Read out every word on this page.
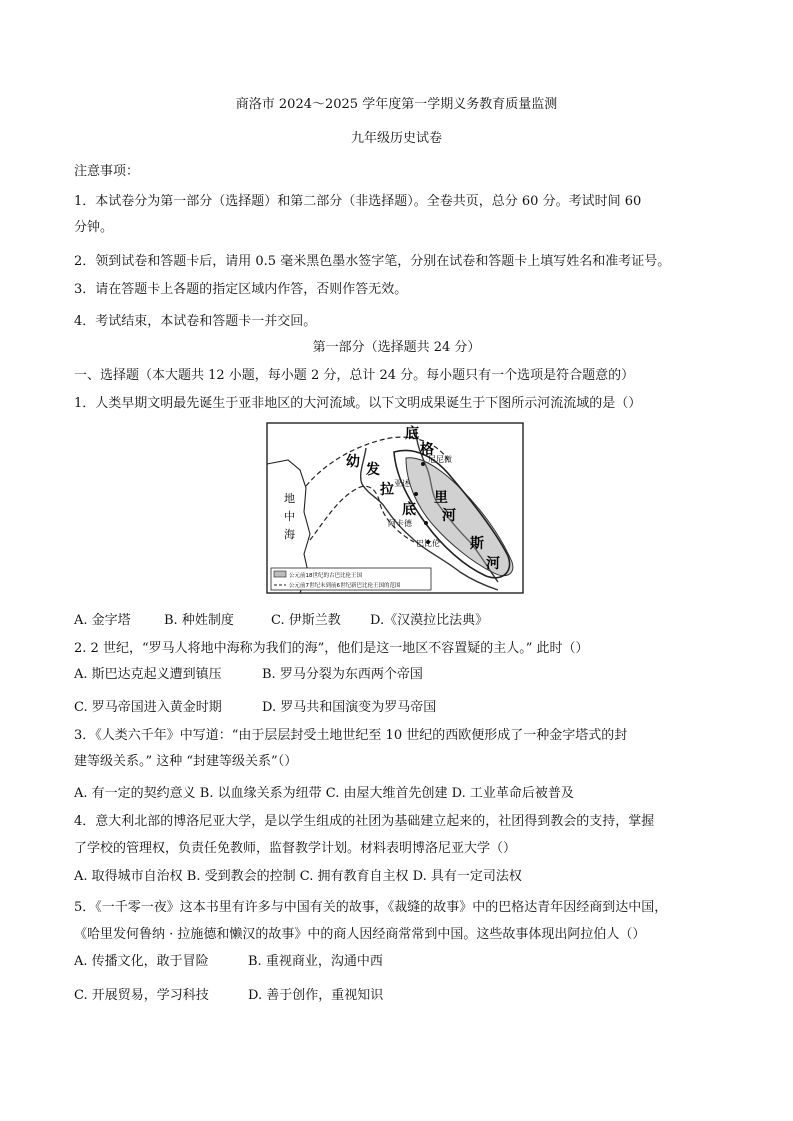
商洛市 2024～2025 学年度第一学期义务教育质量监测
九年级历史试卷
注意事项：
1．本试卷分为第一部分（选择题）和第二部分（非选择题）。全卷共页，总分 60 分。考试时间 60
分钟。
2．领到试卷和答题卡后，请用 0.5 毫米黑色墨水签字笔，分别在试卷和答题卡上填写姓名和准考证号。
3．请在答题卡上各题的指定区域内作答，否则作答无效。
4．考试结束，本试卷和答题卡一并交回。
第一部分（选择题共 24 分）
一、选择题（本大题共 12 小题，每小题 2 分，总计 24 分。每小题只有一个选项是符合题意的）
1．人类早期文明最先诞生于亚非地区的大河流域。以下文明成果诞生于下图所示河流流域的是（）
地
中
海
幼 发
拉
底
底
格
尼尼微
亚述
里
河
阿卡德
巴比伦 斯
河
公元前18世纪的古巴比伦王国
公元前7世纪末到前6世纪新巴比伦王国的范围
A. 金字塔	B. 种姓制度	C. 伊斯兰教 D.《汉漠拉比法典》
2. 2 世纪，“罗马人将地中海称为我们的海”，他们是这一地区不容置疑的主人。” 此时（）
A. 斯巴达克起义遭到镇压	B. 罗马分裂为东西两个帝国
C. 罗马帝国进入黄金时期	D. 罗马共和国演变为罗马帝国
3．《人类六千年》中写道：“由于层层封受土地世纪至 10 世纪的西欧便形成了一种金字塔式的封
建等级关系。” 这种 “封建等级关系”（）
A. 有一定的契约意义 B. 以血缘关系为纽带 C. 由屋大维首先创建 D. 工业革命后被普及
4．意大利北部的博洛尼亚大学，是以学生组成的社团为基础建立起来的，社团得到教会的支持，掌握
了学校的管理权，负责任免教师，监督教学计划。材料表明博洛尼亚大学（）
A. 取得城市自治权 B. 受到教会的控制 C. 拥有教育自主权 D. 具有一定司法权
5．《一千零一夜》这本书里有许多与中国有关的故事，《裁缝的故事》中的巴格达青年因经商到达中国，
《哈里发何鲁纳 · 拉施德和懒汉的故事》中的商人因经商常常到中国。这些故事体现出阿拉伯人（）
A. 传播文化，敢于冒险	B. 重视商业，沟通中西
C. 开展贸易，学习科技	D. 善于创作，重视知识
